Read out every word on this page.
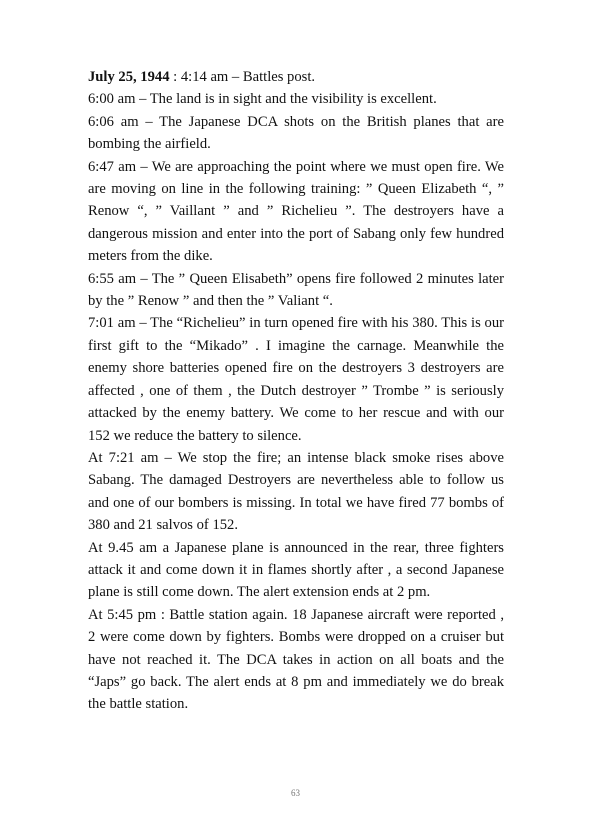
July 25, 1944 : 4:14 am – Battles post.

6:00 am – The land is in sight and the visibility is excellent.

6:06 am – The Japanese DCA shots on the British planes that are bombing the airfield.

6:47 am – We are approaching the point where we must open fire. We are moving on line in the following training: ” Queen Elizabeth “, ” Renow “, ” Vaillant ” and ” Richelieu ”. The destroyers have a dangerous mission and enter into the port of Sabang only few hundred meters from the dike.

6:55 am – The ” Queen Elisabeth” opens fire followed 2 minutes later by the ” Renow ” and then the ” Valiant “.

7:01 am – The “Richelieu” in turn opened fire with his 380. This is our first gift to the “Mikado” . I imagine the carnage. Meanwhile the enemy shore batteries opened fire on the destroyers 3 destroyers are affected , one of them , the Dutch destroyer ” Trombe ” is seriously attacked by the enemy battery. We come to her rescue and with our 152 we reduce the battery to silence.

At 7:21 am – We stop the fire; an intense black smoke rises above Sabang. The damaged Destroyers are nevertheless able to follow us and one of our bombers is missing. In total we have fired 77 bombs of 380 and 21 salvos of 152.

At 9.45 am a Japanese plane is announced in the rear, three fighters attack it and come down it in flames shortly after , a second Japanese plane is still come down. The alert extension ends at 2 pm.

At 5:45 pm : Battle station again. 18 Japanese aircraft were reported , 2 were come down by fighters. Bombs were dropped on a cruiser but have not reached it. The DCA takes in action on all boats and the “Japs” go back. The alert ends at 8 pm and immediately we do break the battle station.

63
